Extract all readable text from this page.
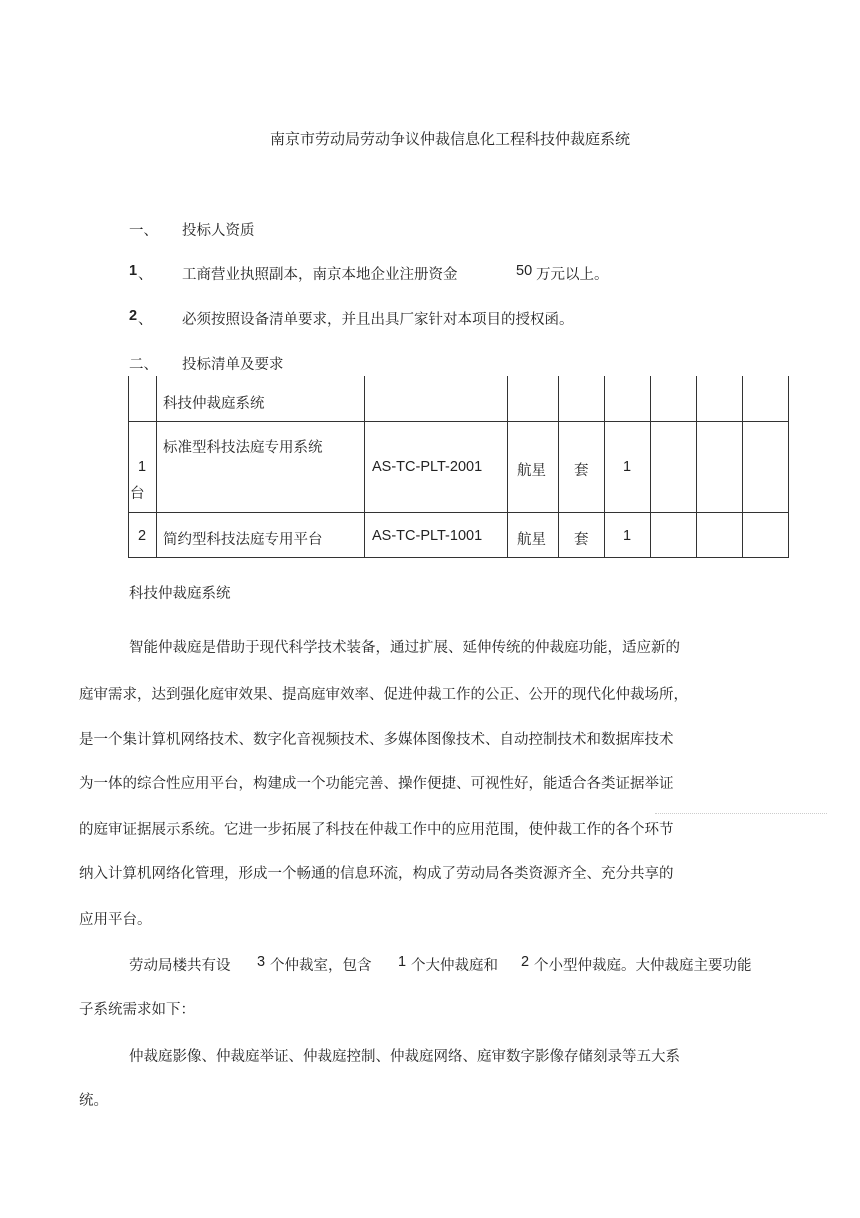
南京市劳动局劳动争议仲裁信息化工程科技仲裁庭系统
一、 投标人资质
1 、 工商营业执照副本，南京本地企业注册资金	50 万元以上。
2 、 必须按照设备清单要求，并且出具厂家针对本项目的授权函。
二、 投标清单及要求
科技仲裁庭系统
1
台
标准型科技法庭专用系统
AS-TC-PLT-2001 航星 套 1
2 简约型科技法庭专用平台	AS-TC-PLT-1001 航星 套 1
科技仲裁庭系统
智能仲裁庭是借助于现代科学技术装备，通过扩展、延伸传统的仲裁庭功能，适应新的
庭审需求，达到强化庭审效果、提高庭审效率、促进仲裁工作的公正、公开的现代化仲裁场所，
是一个集计算机网络技术、数字化音视频技术、多媒体图像技术、自动控制技术和数据库技术
为一体的综合性应用平台，构建成一个功能完善、操作便捷、可视性好，能适合各类证据举证
的庭审证据展示系统。它进一步拓展了科技在仲裁工作中的应用范围，使仲裁工作的各个环节
纳入计算机网络化管理，形成一个畅通的信息环流，构成了劳动局各类资源齐全、充分共享的
应用平台。
劳动局楼共有设 3 个仲裁室，包含 1 个大仲裁庭和 2 个小型仲裁庭。大仲裁庭主要功能
子系统需求如下：
仲裁庭影像、仲裁庭举证、仲裁庭控制、仲裁庭网络、庭审数字影像存储刻录等五大系
统。
